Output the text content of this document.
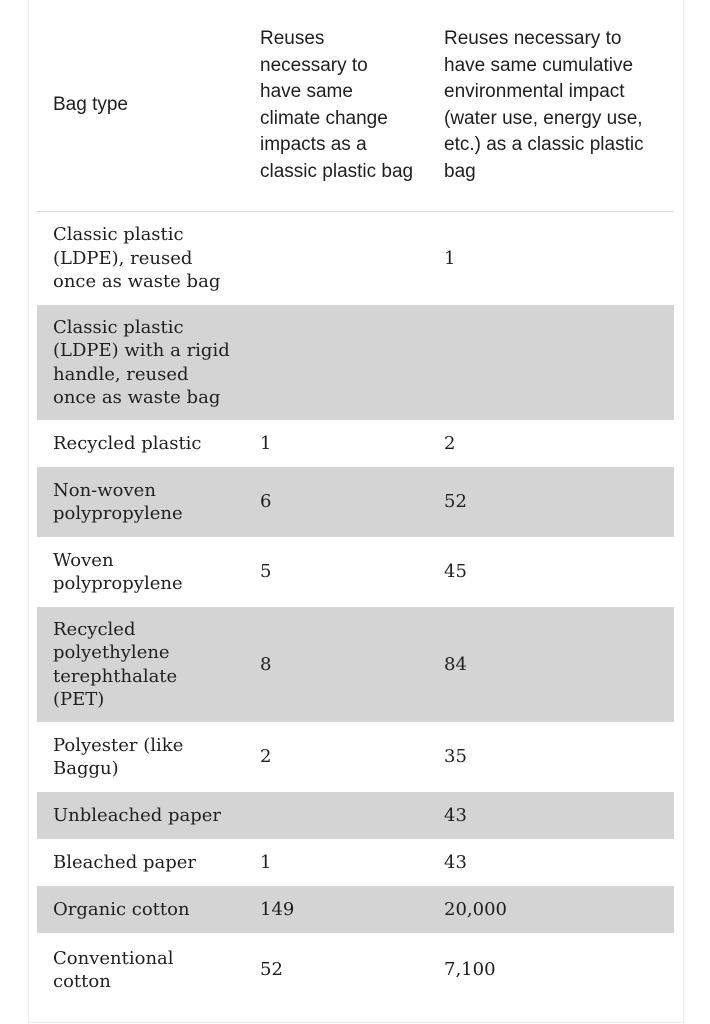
Bag type	Reuses necessary to have same climate change impacts as a classic plastic bag	Reuses necessary to have same cumulative environmental impact (water use, energy use, etc.) as a classic plastic bag
Classic plastic (LDPE), reused once as waste bag		1
Classic plastic (LDPE) with a rigid handle, reused once as waste bag		
Recycled plastic	1	2
Non-woven polypropylene	6	52
Woven polypropylene	5	45
Recycled polyethylene terephthalate (PET)	8	84
Polyester (like Baggu)	2	35
Unbleached paper		43
Bleached paper	1	43
Organic cotton	149	20,000
Conventional cotton	52	7,100
